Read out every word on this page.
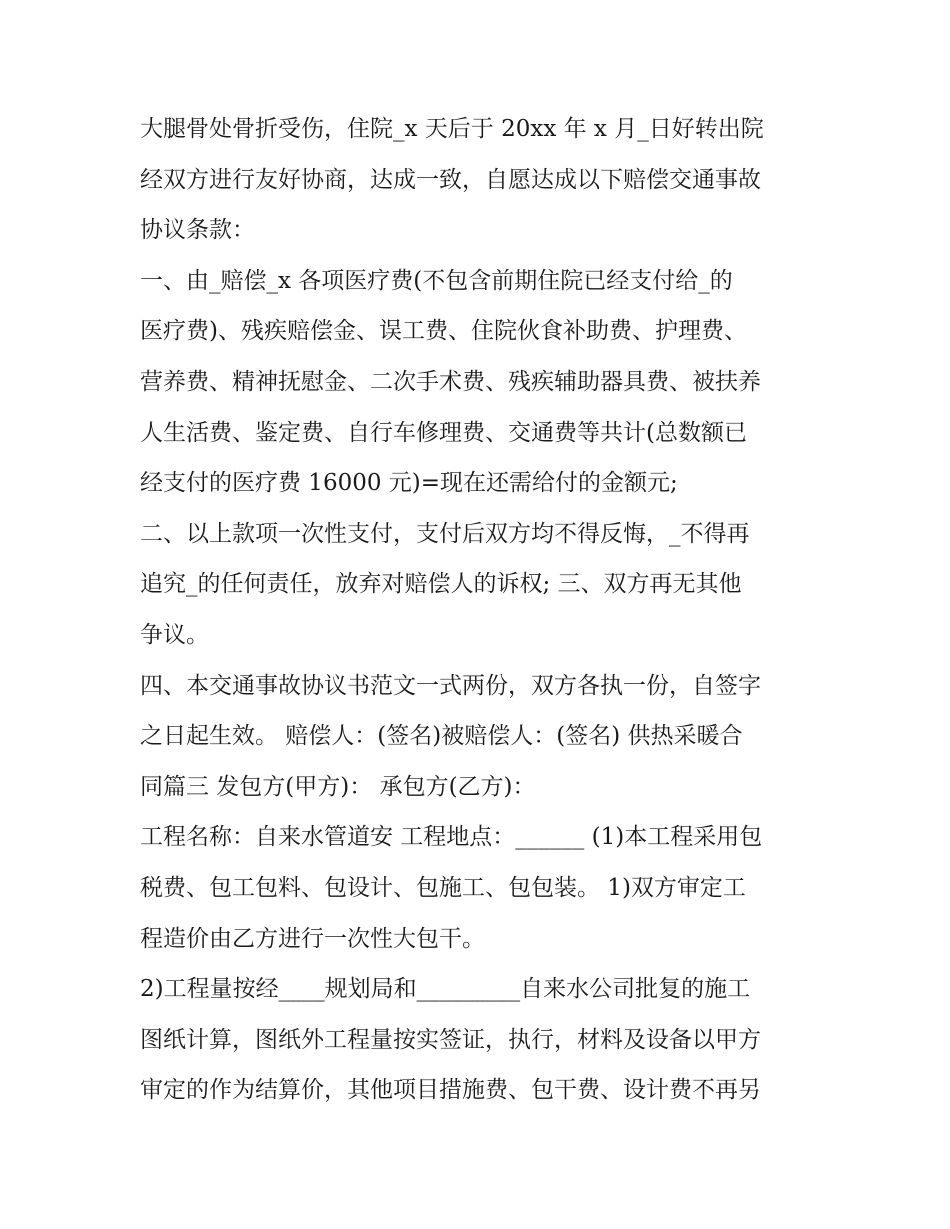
大腿骨处骨折受伤，住院_x 天后于 20xx 年 x 月_日好转出院
经双方进行友好协商，达成一致，自愿达成以下赔偿交通事故
协议条款：
一、由_赔偿_x 各项医疗费(不包含前期住院已经支付给_的
医疗费)、残疾赔偿金、误工费、住院伙食补助费、护理费、
营养费、精神抚慰金、二次手术费、残疾辅助器具费、被扶养
人生活费、鉴定费、自行车修理费、交通费等共计(总数额已
经支付的医疗费 16000 元)=现在还需给付的金额元;
二、以上款项一次性支付，支付后双方均不得反悔，_不得再
追究_的任何责任，放弃对赔偿人的诉权; 三、双方再无其他
争议。
四、本交通事故协议书范文一式两份，双方各执一份，自签字
之日起生效。 赔偿人：(签名)被赔偿人：(签名) 供热采暖合
同篇三 发包方(甲方)： 承包方(乙方)：
工程名称：自来水管道安 工程地点：______ (1)本工程采用包
税费、包工包料、包设计、包施工、包包装。 1)双方审定工
程造价由乙方进行一次性大包干。
2)工程量按经____规划局和_________自来水公司批复的施工
图纸计算，图纸外工程量按实签证，执行，材料及设备以甲方
审定的作为结算价，其他项目措施费、包干费、设计费不再另
